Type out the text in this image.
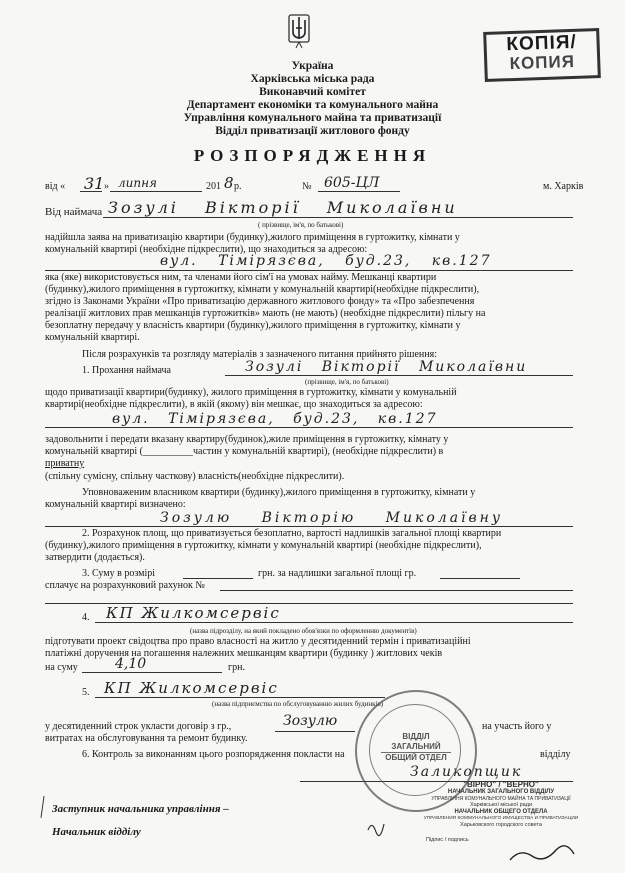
КОПІЯ/
КОПИЯ
Україна
Харківська міська рада
Виконавчий комітет
Департамент економіки та комунального майна
Управління комунального майна та приватизації
Відділ приватизації житлового фонду
РОЗПОРЯДЖЕННЯ
від « 31 » липня	201 8 р.	№ 605-ЦЛ	м. Харків
Від наймача Зозулі Вікторії Миколаївни
( прізвище, ім'я, по батькові)
надійшла заява на приватизацію квартири (будинку),жилого приміщення в гуртожитку, кімнати у
комунальній квартирі (необхідне підкреслити), що знаходиться за адресою:
вул. Тімірязєва, буд.23, кв.127
яка (яке) використовується ним, та членами його сім'ї на умовах найму. Мешканці квартири
(будинку),жилого приміщення в гуртожитку, кімнати у комунальній квартирі(необхідне підкреслити),
згідно із Законами України «Про приватизацію державного житлового фонду» та «Про забезпечення
реалізації житлових прав мешканців гуртожитків» мають (не мають) (необхідне підкреслити) пільгу на
безоплатну передачу у власність квартири (будинку),жилого приміщення в гуртожитку, кімнати у
комунальній квартирі.
Після розрахунків та розгляду матеріалів з зазначеного питання прийнято рішення:
1. Прохання наймача	Зозулі Вікторії Миколаївни
(прізвище, ім'я, по батькові)
щодо приватизації квартири(будинку), жилого приміщення в гуртожитку, кімнати у комунальній
квартирі(необхідне підкреслити), в якій (якому) він мешкає, що знаходиться за адресою:
вул. Тімірязєва, буд.23, кв.127
задовольнити і передати вказану квартиру(будинок),жиле приміщення в гуртожитку, кімнату у
комунальній квартирі (__________частин у комунальній квартирі), (необхідне підкреслити) в
приватну
(спільну сумісну, спільну часткову) власність(необхідне підкреслити).
Уповноваженим власником квартири (будинку),жилого приміщення в гуртожитку, кімнати у
комунальній квартирі визначено:
Зозулю Вікторію Миколаївну
2. Розрахунок площ, що приватизується безоплатно, вартості надлишків загальної площі квартири
(будинку),жилого приміщення в гуртожитку, кімнати у комунальній квартирі (необхідне підкреслити),
затвердити (додається).
3. Суму в розмірі	грн. за надлишки загальної площі гр.
сплачує на розрахунковий рахунок №
4. КП Жилкомсервіс
(назва підрозділу, на який покладено обов'язки по оформленню документів)
підготувати проект свідоцтва про право власності на житло у десятиденний термін і приватизаційні
платіжні доручення на погашення належних мешканцям квартири (будинку ) житлових чеків
на суму	4,10	грн.
5. КП Жилкомсервіс
(назва підприємства по обслуговуванню жилих будинків)
у десятиденний строк укласти договір з гр.,	Зозулю	на участь його у
витратах на обслуговування та ремонт будинку.
6. Контроль за виконанням цього розпорядження покласти на	відділу
Заликопщик
Заступник начальника управління –
Начальник відділу
ВІДДІЛ
ЗАГАЛЬНИЙ
ОБЩИЙ ОТДЕЛ
"ВІРНО" / "ВЕРНО"
НАЧАЛЬНИК ЗАГАЛЬНОГО ВІДДІЛУ
УПРАВЛІННЯ КОМУНАЛЬНОГО МАЙНА ТА ПРИВАТИЗАЦІЇ
Харківської міської ради
НАЧАЛЬНИК ОБЩЕГО ОТДЕЛА
УПРАВЛЕНИЯ КОММУНАЛЬНОГО ИМУЩЕСТВА И ПРИВАТИЗАЦИИ
Харьковского городского совета
Підпис / подпись
